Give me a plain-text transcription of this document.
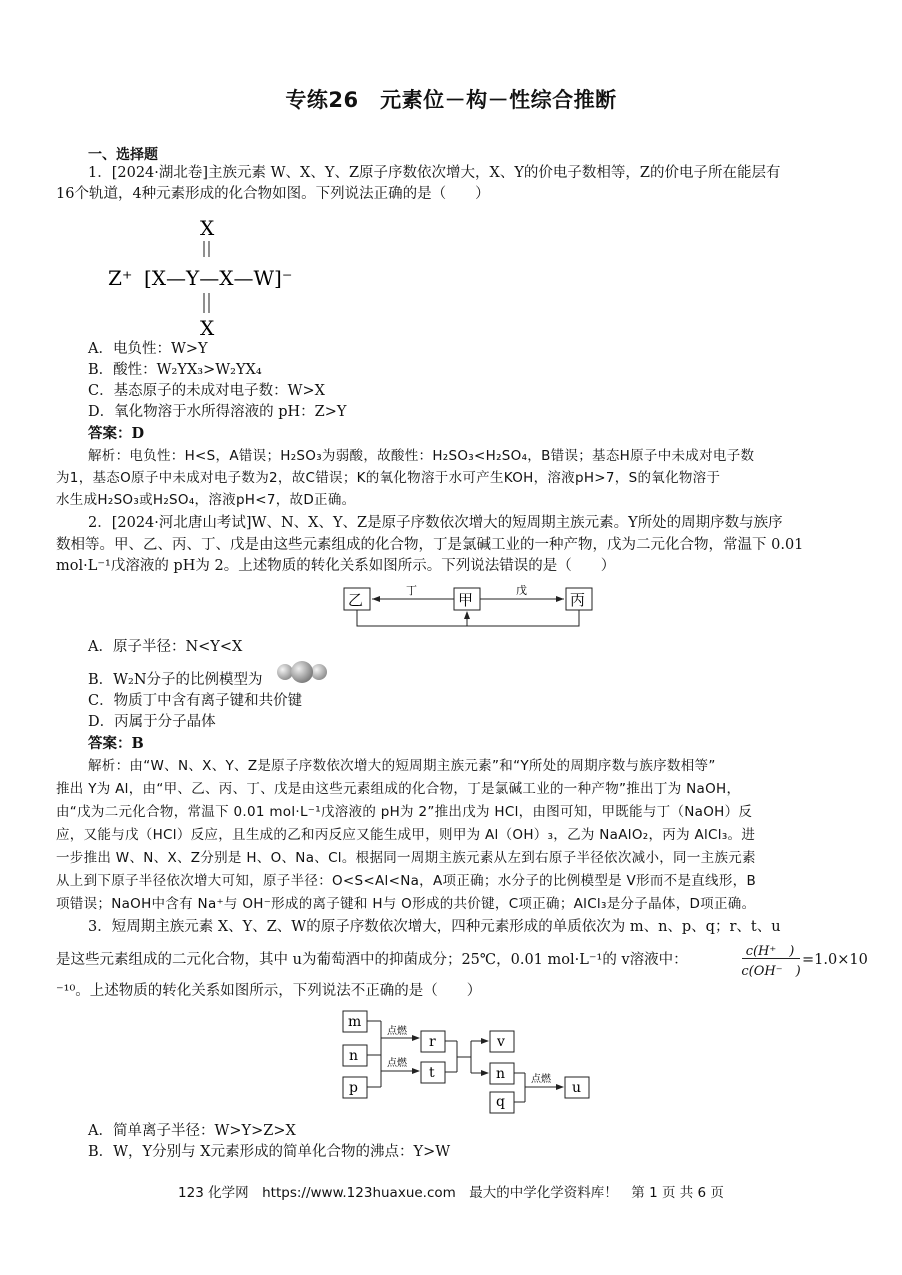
专练26　元素位－构－性综合推断
一、选择题
1．[2024·湖北卷]主族元素 W、X、Y、Z原子序数依次增大，X、Y的价电子数相等，Z的价电子所在能层有
16个轨道，4种元素形成的化合物如图。下列说法正确的是（　　）
X
Z⁺ [X—Y—X—W]⁻
X
A．电负性：W>Y
B．酸性：W₂YX₃>W₂YX₄
C．基态原子的未成对电子数：W>X
D．氧化物溶于水所得溶液的 pH：Z>Y
答案：D
解析：电负性：H<S，A错误；H₂SO₃为弱酸，故酸性：H₂SO₃<H₂SO₄，B错误；基态H原子中未成对电子数
为1，基态O原子中未成对电子数为2，故C错误；K的氧化物溶于水可产生KOH，溶液pH>7，S的氧化物溶于
水生成H₂SO₃或H₂SO₄，溶液pH<7，故D正确。
2．[2024·河北唐山考试]W、N、X、Y、Z是原子序数依次增大的短周期主族元素。Y所处的周期序数与族序
数相等。甲、乙、丙、丁、戊是由这些元素组成的化合物，丁是氯碱工业的一种产物，戊为二元化合物，常温下 0.01
mol·L⁻¹戊溶液的 pH为 2。上述物质的转化关系如图所示。下列说法错误的是（　　）
乙	甲	丙
丁	戊
A．原子半径：N<Y<X
B．W₂N分子的比例模型为
C．物质丁中含有离子键和共价键
D．丙属于分子晶体
答案：B
解析：由“W、N、X、Y、Z是原子序数依次增大的短周期主族元素”和“Y所处的周期序数与族序数相等”
推出 Y为 Al，由“甲、乙、丙、丁、戊是由这些元素组成的化合物，丁是氯碱工业的一种产物”推出丁为 NaOH，
由“戊为二元化合物，常温下 0.01 mol·L⁻¹戊溶液的 pH为 2”推出戊为 HCl，由图可知，甲既能与丁（NaOH）反
应，又能与戊（HCl）反应，且生成的乙和丙反应又能生成甲，则甲为 Al（OH）₃，乙为 NaAlO₂，丙为 AlCl₃。进
一步推出 W、N、X、Z分别是 H、O、Na、Cl。根据同一周期主族元素从左到右原子半径依次减小，同一主族元素
从上到下原子半径依次增大可知，原子半径：O<S<Al<Na，A项正确；水分子的比例模型是 V形而不是直线形，B
项错误；NaOH中含有 Na⁺与 OH⁻形成的离子键和 H与 O形成的共价键，C项正确；AlCl₃是分子晶体，D项正确。
3．短周期主族元素 X、Y、Z、W的原子序数依次增大，四种元素形成的单质依次为 m、n、p、q；r、t、u
是这些元素组成的二元化合物，其中 u为葡萄酒中的抑菌成分；25℃，0.01 mol·L⁻¹的 v溶液中：
c(H⁺　)
c(OH⁻　)
=1.0×10
⁻¹⁰。上述物质的转化关系如图所示，下列说法不正确的是（　　）
m
n
p
r
t
v
n
q
u
点燃
点燃
点燃
A．简单离子半径：W>Y>Z>X
B．W，Y分别与 X元素形成的简单化合物的沸点：Y>W
123 化学网　https://www.123huaxue.com　最大的中学化学资料库！　第 1 页 共 6 页
